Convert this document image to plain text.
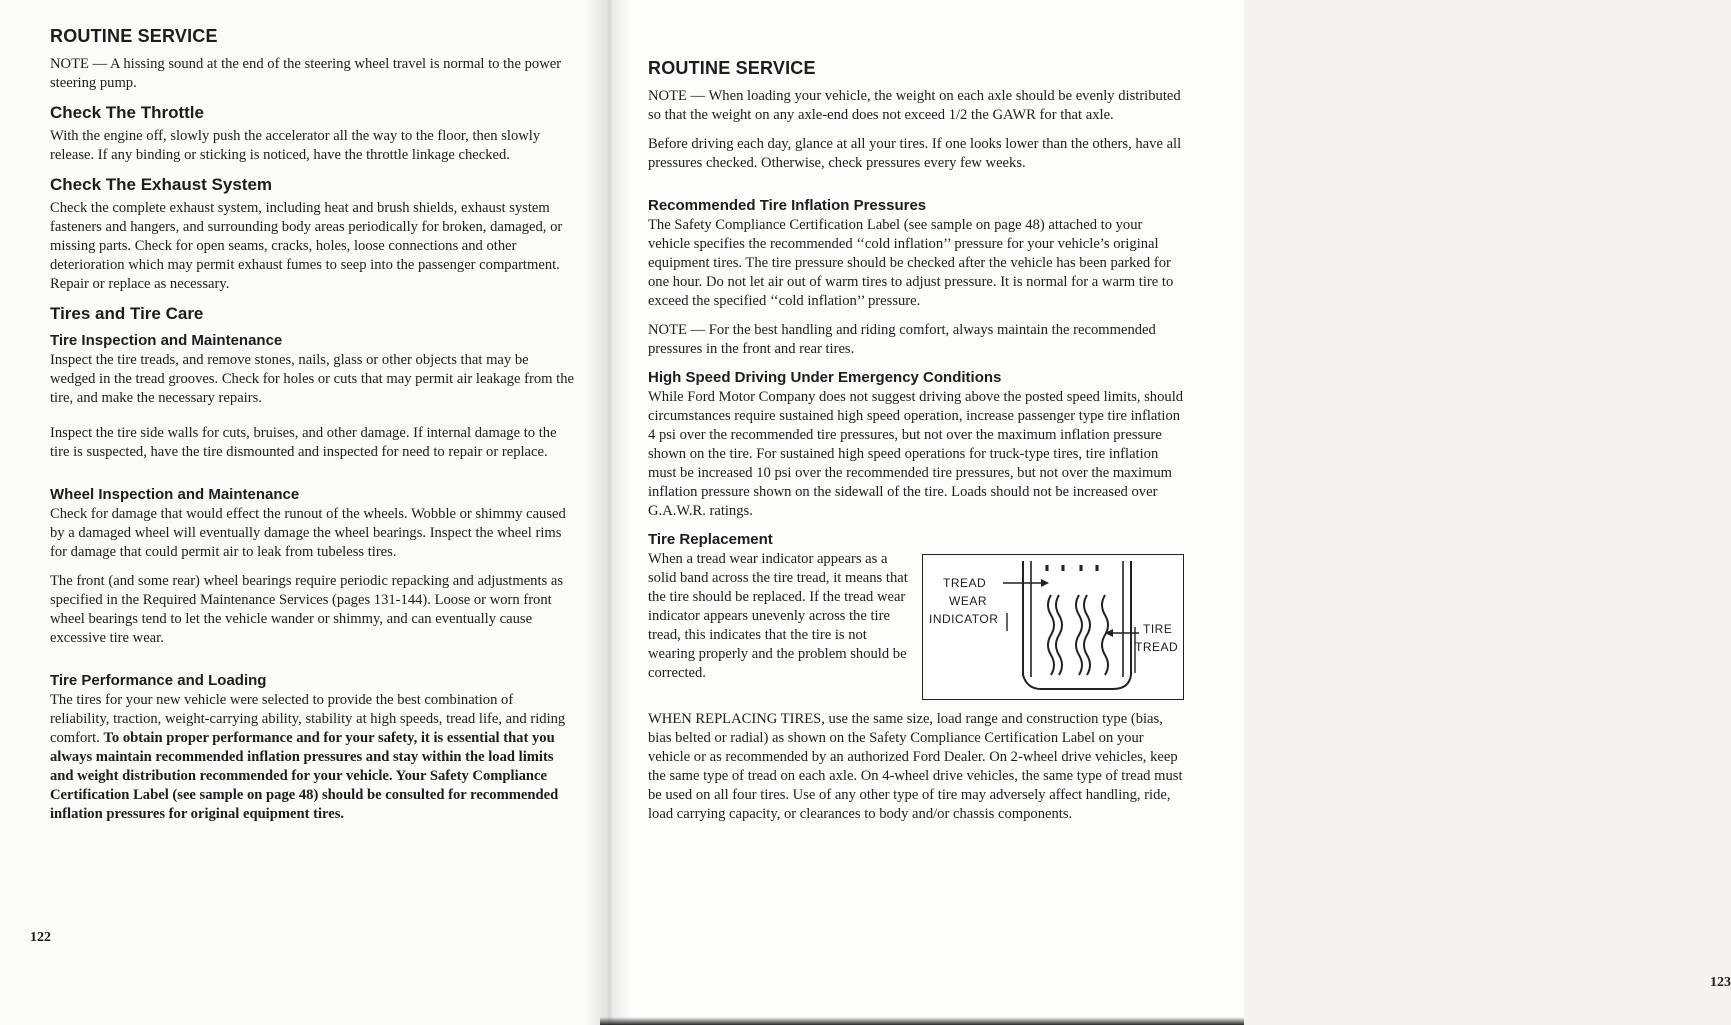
ROUTINE SERVICE

NOTE — A hissing sound at the end of the steering wheel travel is normal to the power steering pump.

Check The Throttle

With the engine off, slowly push the accelerator all the way to the floor, then slowly release. If any binding or sticking is noticed, have the throttle linkage checked.

Check The Exhaust System

Check the complete exhaust system, including heat and brush shields, exhaust system fasteners and hangers, and surrounding body areas periodically for broken, damaged, or missing parts. Check for open seams, cracks, holes, loose connections and other deterioration which may permit exhaust fumes to seep into the passenger compartment. Repair or replace as necessary.

Tires and Tire Care
Tire Inspection and Maintenance

Inspect the tire treads, and remove stones, nails, glass or other objects that may be wedged in the tread grooves. Check for holes or cuts that may permit air leakage from the tire, and make the necessary repairs.

Inspect the tire side walls for cuts, bruises, and other damage. If internal damage to the tire is suspected, have the tire dismounted and inspected for need to repair or replace.

Wheel Inspection and Maintenance

Check for damage that would effect the runout of the wheels. Wobble or shimmy caused by a damaged wheel will eventually damage the wheel bearings. Inspect the wheel rims for damage that could permit air to leak from tubeless tires.

The front (and some rear) wheel bearings require periodic repacking and adjustments as specified in the Required Maintenance Services (pages 131-144). Loose or worn front wheel bearings tend to let the vehicle wander or shimmy, and can eventually cause excessive tire wear.

Tire Performance and Loading

The tires for your new vehicle were selected to provide the best combination of reliability, traction, weight-carrying ability, stability at high speeds, tread life, and riding comfort. To obtain proper performance and for your safety, it is essential that you always maintain recommended inflation pressures and stay within the load limits and weight distribution recommended for your vehicle. Your Safety Compliance Certification Label (see sample on page 48) should be consulted for recommended inflation pressures for original equipment tires.

122
ROUTINE SERVICE

NOTE — When loading your vehicle, the weight on each axle should be evenly distributed so that the weight on any axle-end does not exceed 1/2 the GAWR for that axle.

Before driving each day, glance at all your tires. If one looks lower than the others, have all pressures checked. Otherwise, check pressures every few weeks.

Recommended Tire Inflation Pressures

The Safety Compliance Certification Label (see sample on page 48) attached to your vehicle specifies the recommended ‘‘cold inflation’’ pressure for your vehicle’s original equipment tires. The tire pressure should be checked after the vehicle has been parked for one hour. Do not let air out of warm tires to adjust pressure. It is normal for a warm tire to exceed the specified ‘‘cold inflation’’ pressure.

NOTE — For the best handling and riding comfort, always maintain the recommended pressures in the front and rear tires.

High Speed Driving Under Emergency Conditions

While Ford Motor Company does not suggest driving above the posted speed limits, should circumstances require sustained high speed operation, increase passenger type tire inflation 4 psi over the recommended tire pressures, but not over the maximum inflation pressure shown on the tire. For sustained high speed operations for truck-type tires, tire inflation must be increased 10 psi over the recommended tire pressures, but not over the maximum inflation pressure shown on the sidewall of the tire. Loads should not be increased over G.A.W.R. ratings.

Tire Replacement

When a tread wear indicator appears as a solid band across the tire tread, it means that the tire should be replaced. If the tread wear indicator appears unevenly across the tire tread, this indicates that the tire is not wearing properly and the problem should be corrected.

TREAD
WEAR
INDICATOR
TIRE
TREAD

WHEN REPLACING TIRES, use the same size, load range and construction type (bias, bias belted or radial) as shown on the Safety Compliance Certification Label on your vehicle or as recommended by an authorized Ford Dealer. On 2-wheel drive vehicles, keep the same type of tread on each axle. On 4-wheel drive vehicles, the same type of tread must be used on all four tires. Use of any other type of tire may adversely affect handling, ride, load carrying capacity, or clearances to body and/or chassis components.

123
